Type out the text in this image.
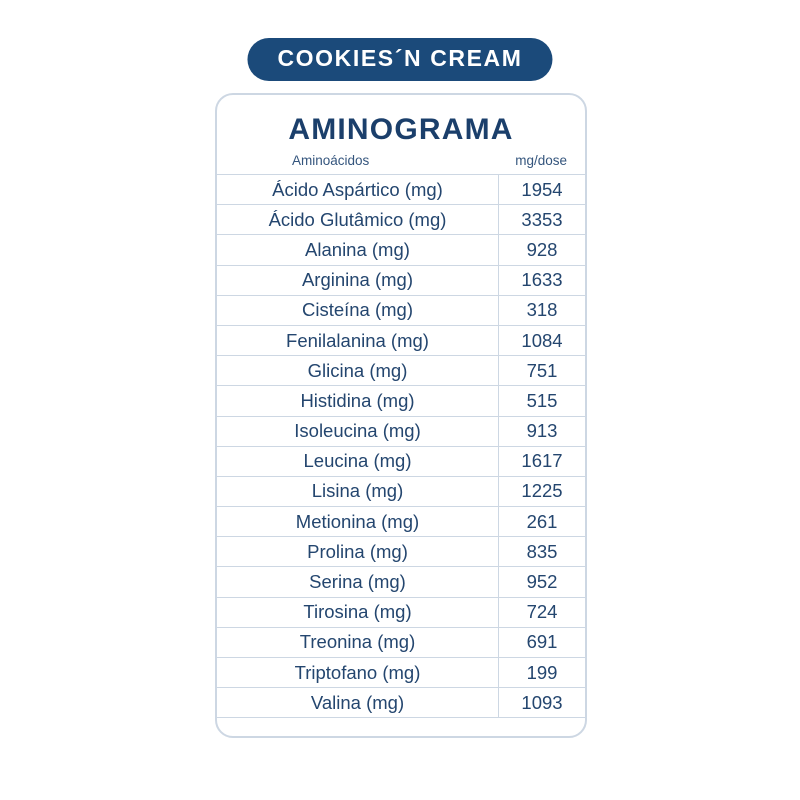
COOKIES´N CREAM
AMINOGRAMA
Aminoácidos	mg/dose
Ácido Aspártico (mg)	1954
Ácido Glutâmico (mg)	3353
Alanina (mg)	928
Arginina (mg)	1633
Cisteína (mg)	318
Fenilalanina (mg)	1084
Glicina (mg)	751
Histidina (mg)	515
Isoleucina (mg)	913
Leucina (mg)	1617
Lisina (mg)	1225
Metionina (mg)	261
Prolina (mg)	835
Serina (mg)	952
Tirosina (mg)	724
Treonina (mg)	691
Triptofano (mg)	199
Valina (mg)	1093
